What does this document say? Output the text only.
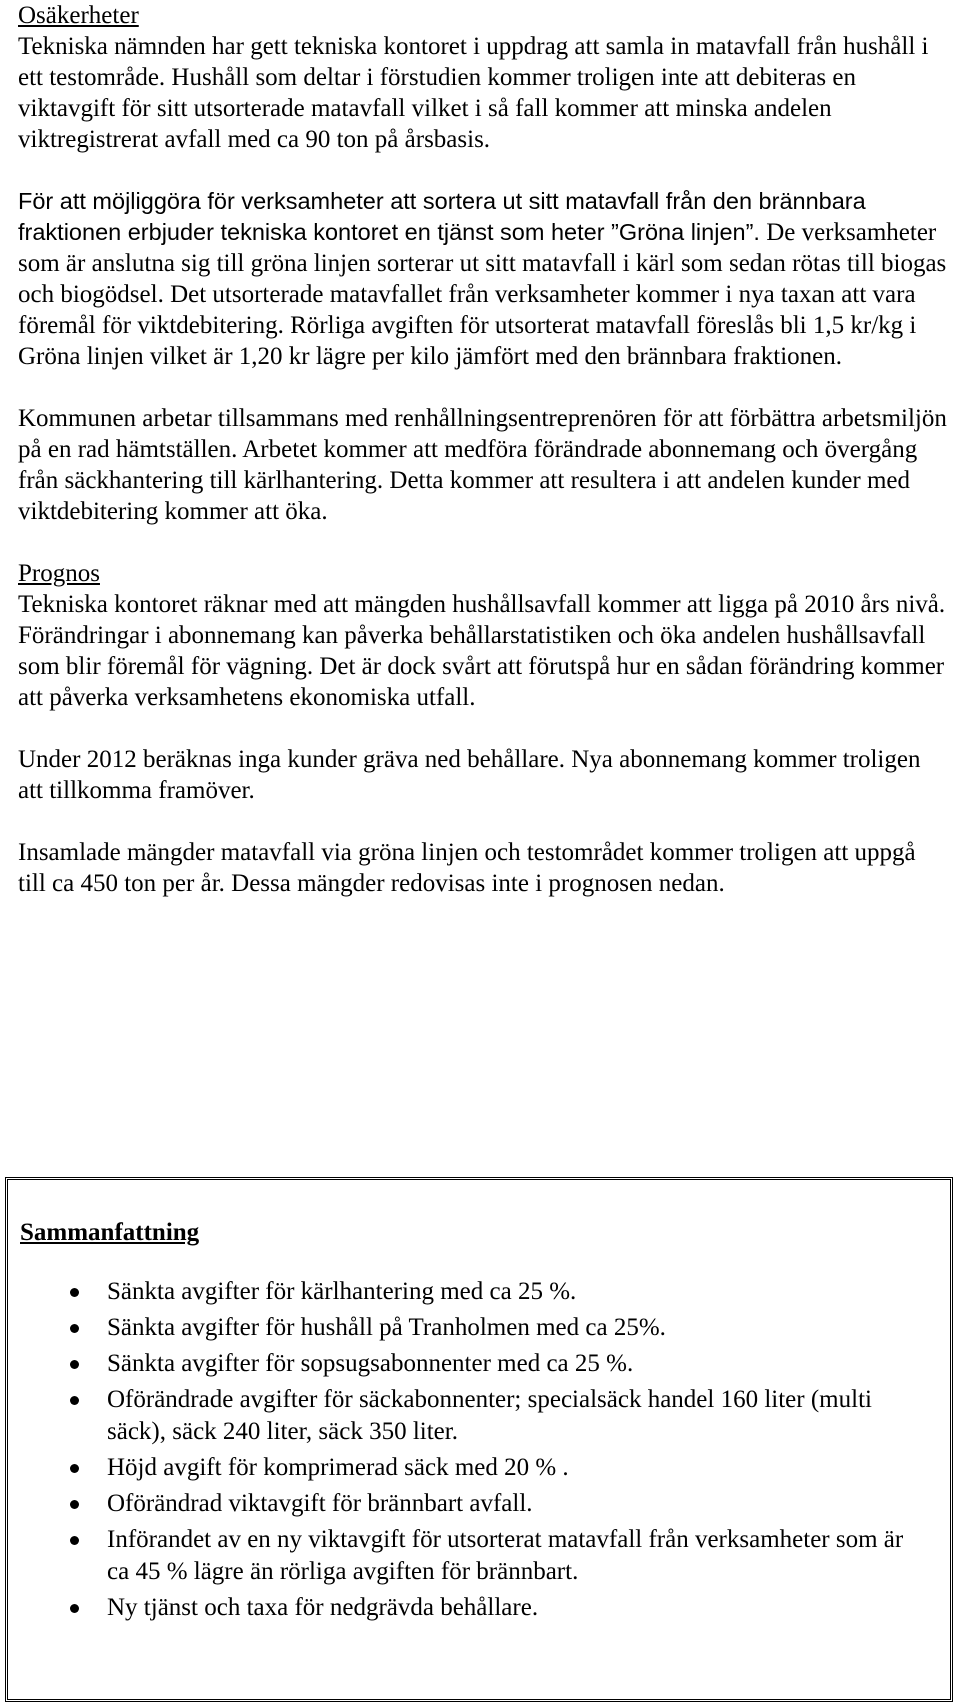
Osäkerheter

Tekniska nämnden har gett tekniska kontoret i uppdrag att samla in matavfall från hushåll i ett testområde. Hushåll som deltar i förstudien kommer troligen inte att debiteras en viktavgift för sitt utsorterade matavfall vilket i så fall kommer att minska andelen viktregistrerat avfall med ca 90 ton på årsbasis.

För att möjliggöra för verksamheter att sortera ut sitt matavfall från den brännbara fraktionen erbjuder tekniska kontoret en tjänst som heter ”Gröna linjen”. De verksamheter som är anslutna sig till gröna linjen sorterar ut sitt matavfall i kärl som sedan rötas till biogas och biogödsel. Det utsorterade matavfallet från verksamheter kommer i nya taxan att vara föremål för viktdebitering. Rörliga avgiften för utsorterat matavfall föreslås bli 1,5 kr/kg i Gröna linjen vilket är 1,20 kr lägre per kilo jämfört med den brännbara fraktionen.

Kommunen arbetar tillsammans med renhållningsentreprenören för att förbättra arbetsmiljön på en rad hämtställen. Arbetet kommer att medföra förändrade abonnemang och övergång från säckhantering till kärlhantering. Detta kommer att resultera i att andelen kunder med viktdebitering kommer att öka.

Prognos

Tekniska kontoret räknar med att mängden hushållsavfall kommer att ligga på 2010 års nivå. Förändringar i abonnemang kan påverka behållarstatistiken och öka andelen hushållsavfall som blir föremål för vägning. Det är dock svårt att förutspå hur en sådan förändring kommer att påverka verksamhetens ekonomiska utfall.

Under 2012 beräknas inga kunder gräva ned behållare. Nya abonnemang kommer troligen att tillkomma framöver.

Insamlade mängder matavfall via gröna linjen och testområdet kommer troligen att uppgå till ca 450 ton per år. Dessa mängder redovisas inte i prognosen nedan.

Sammanfattning
Sänkta avgifter för kärlhantering med ca 25 %.
Sänkta avgifter för hushåll på Tranholmen med ca 25%.
Sänkta avgifter för sopsugsabonnenter med ca 25 %.
Oförändrade avgifter för säckabonnenter; specialsäck handel 160 liter (multi säck), säck 240 liter, säck 350 liter.
Höjd avgift för komprimerad säck med 20 % .
Oförändrad viktavgift för brännbart avfall.
Införandet av en ny viktavgift för utsorterat matavfall från verksamheter som är ca 45 % lägre än rörliga avgiften för brännbart.
Ny tjänst och taxa för nedgrävda behållare.
